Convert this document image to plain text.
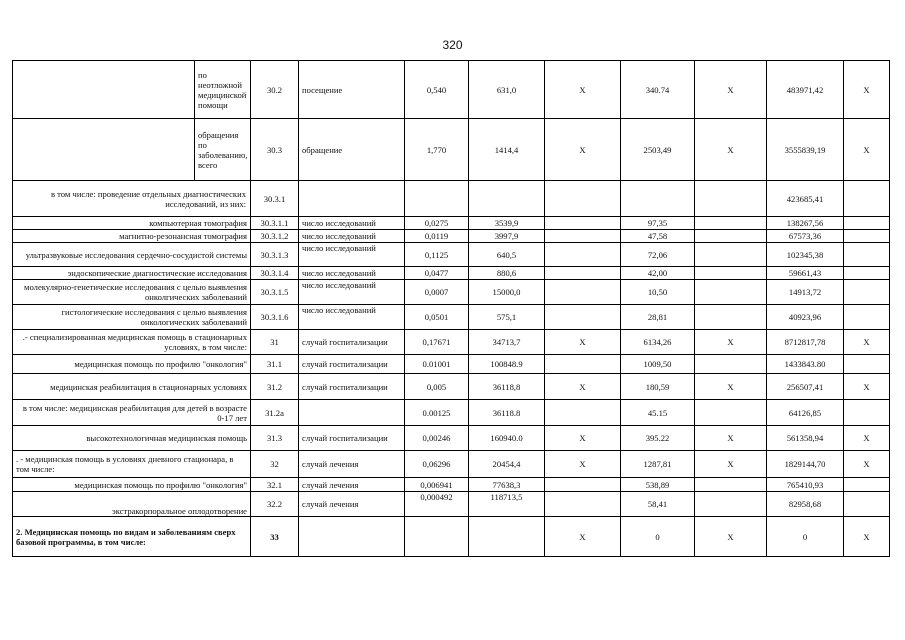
320
	по неотложной медицинской помощи	30.2	посещение	0,540	631,0	X	340.74	X	483971,42	X
	обращения по заболеванию, всего	30.3	обращение	1,770	1414,4	X	2503,49	X	3555839,19	X
в том числе: проведение отдельных диагностических исследований, из них:		30.3.1							423685,41	
компьютерная томография		30.3.1.1	число исследований	0,0275	3539,9		97,35		138267,56	
магнитно-резонансная томография		30.3.1.2	число исследований	0,0119	3997,9		47,58		67573,36	
ультразвуковые исследования сердечно-сосудистой системы		30.3.1.3	число исследований	0,1125	640,5		72,06		102345,38	
эндоскопические диагностические исследования		30.3.1.4	число исследований	0,0477	880,6		42,00		59661,43	
молекулярно-генетические исследования с целью выявления онколгических заболеваний		30.3.1.5	число исследований	0,0007	15000,0		10,50		14913,72	
гистологические исследования с целью выявления онкологических заболеваний		30.3.1.6	число исследований	0,0501	575,1		28,81		40923,96	
.- специализированная медицинская помощь в стационарных условиях, в том числе:		31	случай госпитализации	0,17671	34713,7	X	6134,26	X	8712817,78	X
медицинская помощь по профилю "онкология"		31.1	случай госпитализации	0.01001	100848.9		1009,50		1433843.80	
медицинская реабилитация в стационарных условиях		31.2	случай госпитализации	0,005	36118,8	X	180,59	X	256507,41	X
в том числе: медицинская реабилитация для детей в возрасте 0-17 лет		31.2а		0.00125	36118.8		45.15		64126,85	
высокотехнологичная медицинская помощь		31.3	случай госпитализации	0,00246	160940.0	X	395.22	X	561358,94	X
. - медицинская помощь в условиях дневного стационара, в том числе:		32	случай лечения	0,06296	20454,4	X	1287,81	X	1829144,70	X
медицинская помощь по профилю "онкология"		32.1	случай лечения	0,006941	77638,3		538,89		765410,93	
экстракорпоральное оплодотворение		32.2	случай лечения	0,000492	118713,5		58,41		82958,68	
2. Медицинская помощь по видам и заболеваниям сверх базовой программы, в том числе:		33				X	0	X	0	X
